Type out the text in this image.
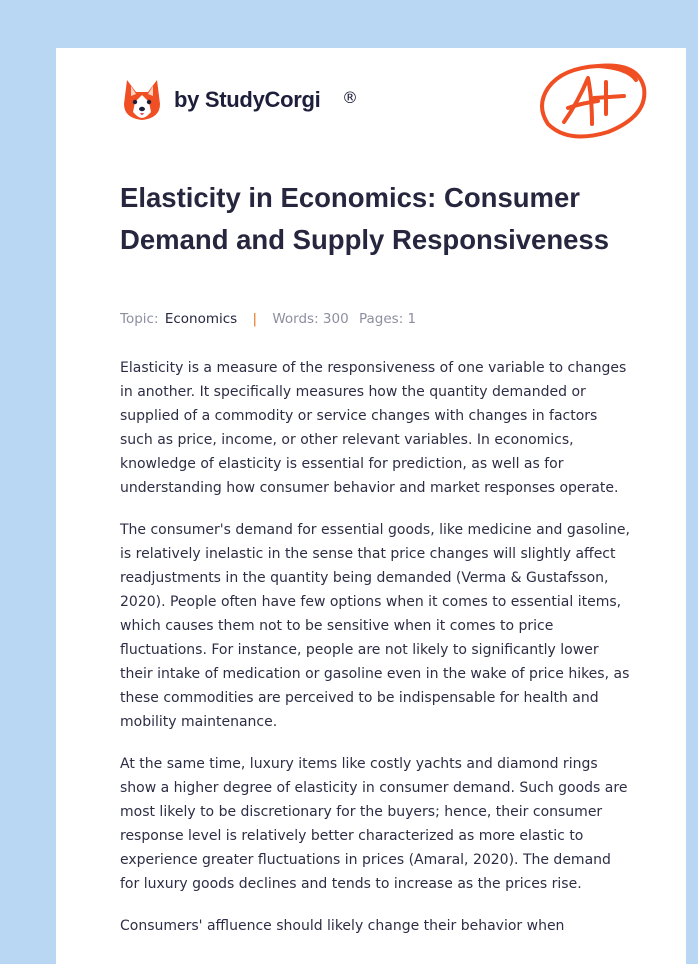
by StudyCorgi ®
Elasticity in Economics: Consumer Demand and Supply Responsiveness
Topic: Economics | Words: 300 Pages: 1

Elasticity is a measure of the responsiveness of one variable to changes in another. It specifically measures how the quantity demanded or supplied of a commodity or service changes with changes in factors such as price, income, or other relevant variables. In economics, knowledge of elasticity is essential for prediction, as well as for understanding how consumer behavior and market responses operate.

The consumer's demand for essential goods, like medicine and gasoline, is relatively inelastic in the sense that price changes will slightly affect readjustments in the quantity being demanded (Verma & Gustafsson, 2020). People often have few options when it comes to essential items, which causes them not to be sensitive when it comes to price fluctuations. For instance, people are not likely to significantly lower their intake of medication or gasoline even in the wake of price hikes, as these commodities are perceived to be indispensable for health and mobility maintenance.

At the same time, luxury items like costly yachts and diamond rings show a higher degree of elasticity in consumer demand. Such goods are most likely to be discretionary for the buyers; hence, their consumer response level is relatively better characterized as more elastic to experience greater fluctuations in prices (Amaral, 2020). The demand for luxury goods declines and tends to increase as the prices rise.

Consumers' affluence should likely change their behavior when
